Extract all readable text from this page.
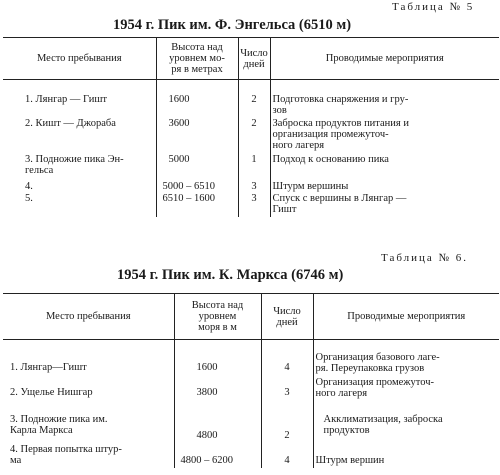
Таблица № 5
1954 г. Пик им. Ф. Энгельса (6510 м)
Место пребывания	Высота над
уровнем мо-
ря в метрах	Число
дней	Проводимые мероприятия

1. Лянгар — Гишт	1600	2	Подготовка снаряжения и гру-
зов
2. Кишт — Джораба	3600	2	Заброска продуктов питания и
организация промежуточ-
ного лагеря
3. Подножие пика Эн-
гельса	5000	1	Подход к основанию пика
4.	5000 – 6510	3	Штурм вершины
5.	6510 – 1600	3	Спуск с вершины в Лянгар —
Гишт
Таблица № 6.
1954 г. Пик им. К. Маркса (6746 м)
Место пребывания	Высота над
уровнем
моря в м	Число
дней	Проводимые мероприятия

1. Лянгар—Гишт	1600	4	Организация базового лаге-
ря. Переупаковка грузов
2. Ущелье Нишгар	3800	3	Организация промежуточ-
ного лагеря
3. Подножие пика им.
Карла Маркса	4800	2	Акклиматизация, заброска
продуктов
4. Первая попытка штур-
ма	4800 – 6200	4	Штурм вершин
